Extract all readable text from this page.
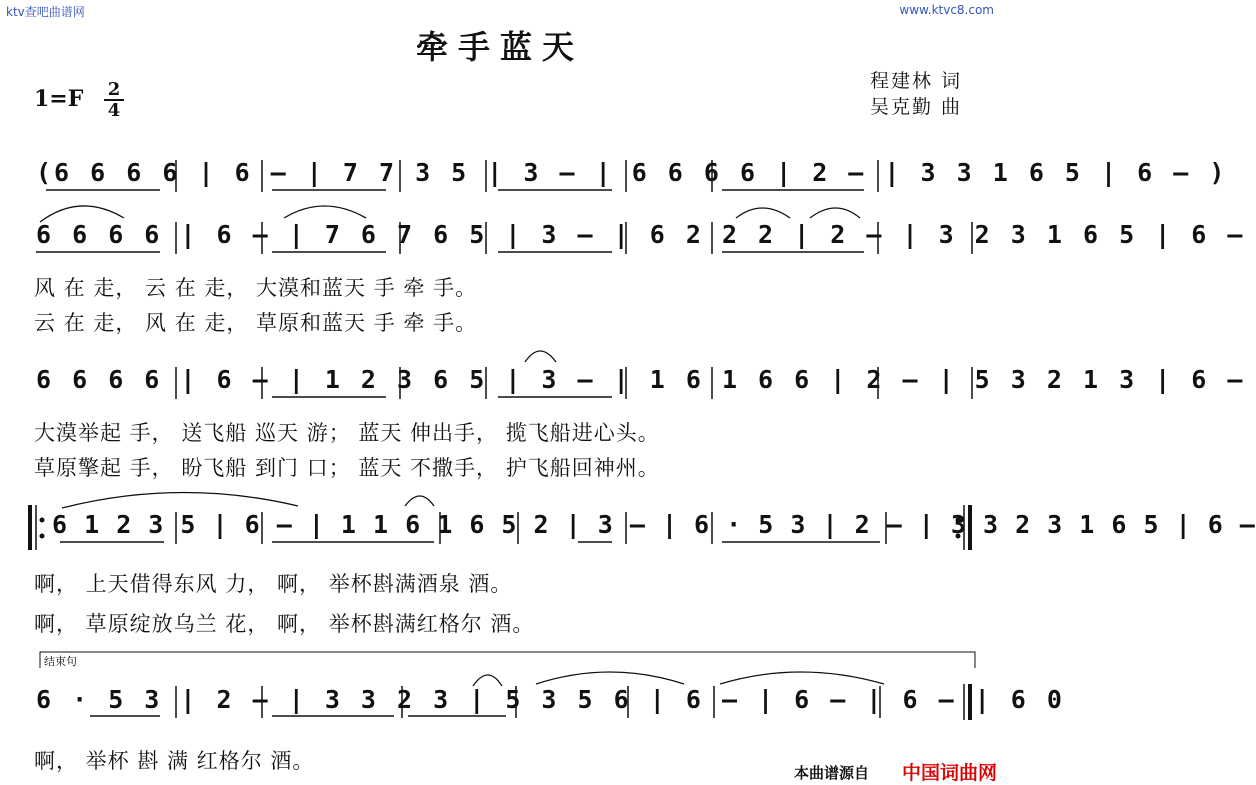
ktv查吧曲谱网	www.ktvc8.com
牵手蓝天
1=F 2
4
程建林 词
吴克勤 曲
(6 6 6 6 | 6 – | 7 7 3 5 | 3 – | 6 6 6 6 | 2 – | 3 3 1 6 5 | 6 – )
6 6 6 6 | 6 – | 7 6 7 6 5 | 3 – | 6 2 2 2 | 2 – | 3 2 3 1 6 5 | 6 –
6 6 6 6 | 6 – | 1 2 3 6 5 | 3 – | 1 6 1 6 6 | 2 – | 5 3 2 1 3 | 6 –
6 1 2 3 5 | 6 – | 1 1 6 1 6 5 2 | 3 – | 6 · 5 3 | 2 – | 3 3 2 3 1 6 5 | 6 –
6 · 5 3 | 2 – | 3 3 2 3 | 5 3 5 6 | 6 – | 6 – | 6 – | 6 0
风 在 走， 云 在 走， 大漠和蓝天 手 牵 手。
云 在 走， 风 在 走， 草原和蓝天 手 牵 手。
大漠举起 手， 送飞船 巡天 游； 蓝天 伸出手， 揽飞船进心头。
草原擎起 手， 盼飞船 到门 口； 蓝天 不撒手， 护飞船回神州。
啊， 上天借得东风 力， 啊， 举杯斟满酒泉 酒。
啊， 草原绽放乌兰 花， 啊， 举杯斟满红格尔 酒。
啊， 举杯 斟 满 红格尔 酒。
结束句
本曲谱源自 中国词曲网
